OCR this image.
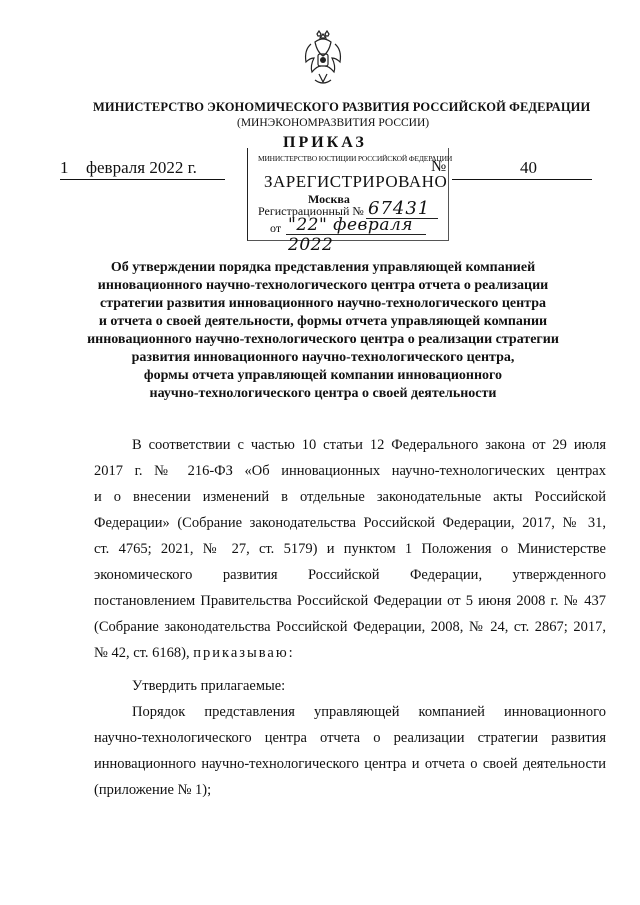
МИНИСТЕРСТВО ЭКОНОМИЧЕСКОГО РАЗВИТИЯ РОССИЙСКОЙ ФЕДЕРАЦИИ
(МИНЭКОНОМРАЗВИТИЯ РОССИИ)
ПРИКАЗ
1 февраля 2022 г.	№	40
МИНИСТЕРСТВО ЮСТИЦИИ РОССИЙСКОЙ ФЕДЕРАЦИИ
ЗАРЕГИСТРИРОВАНО
Москва
Регистрационный № 67431
от "22" февраля 2022
Об утверждении порядка представления управляющей компанией
инновационного научно-технологического центра отчета о реализации
стратегии развития инновационного научно-технологического центра
и отчета о своей деятельности, формы отчета управляющей компании
инновационного научно-технологического центра о реализации стратегии
развития инновационного научно-технологического центра,
формы отчета управляющей компании инновационного
научно-технологического центра о своей деятельности
В соответствии с частью 10 статьи 12 Федерального закона от 29 июля
2017 г. № 216-ФЗ «Об инновационных научно-технологических центрах
и о внесении изменений в отдельные законодательные акты Российской
Федерации» (Собрание законодательства Российской Федерации, 2017, № 31,
ст. 4765; 2021, № 27, ст. 5179) и пунктом 1 Положения о Министерстве
экономического развития Российской Федерации, утвержденного
постановлением Правительства Российской Федерации от 5 июня 2008 г. № 437
(Собрание законодательства Российской Федерации, 2008, № 24, ст. 2867; 2017,
№ 42, ст. 6168), приказываю:
Утвердить прилагаемые:
Порядок представления управляющей компанией инновационного
научно-технологического центра отчета о реализации стратегии развития
инновационного научно-технологического центра и отчета о своей деятельности
(приложение № 1);
